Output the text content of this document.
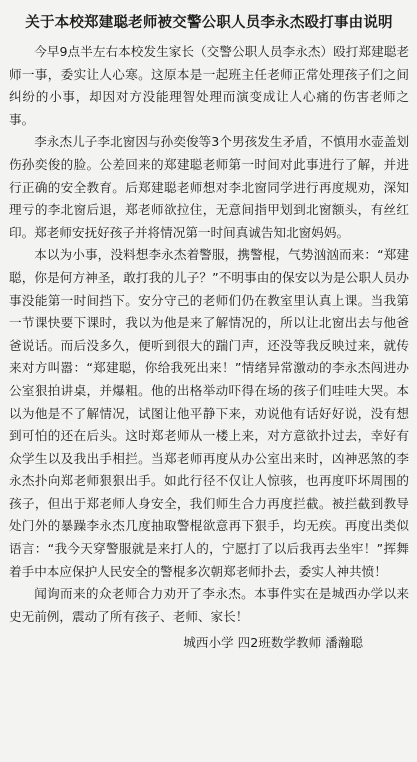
关于本校郑建聪老师被交警公职人员李永杰殴打事由说明

今早9点半左右本校发生家长（交警公职人员李永杰）殴打郑建聪老师一事，委实让人心寒。这原本是一起班主任老师正常处理孩子们之间纠纷的小事，却因对方没能理智处理而演变成让人心痛的伤害老师之事。

李永杰儿子李北窗因与孙奕俊等3个男孩发生矛盾，不慎用水壶盖划伤孙奕俊的脸。公差回来的郑建聪老师第一时间对此事进行了解，并进行正确的安全教育。后郑建聪老师想对李北窗同学进行再度规劝，深知理亏的李北窗后退，郑老师欲拉住，无意间指甲划到北窗额头，有丝红印。郑老师安抚好孩子并将情况第一时间真诚告知北窗妈妈。

本以为小事，没料想李永杰着警服，携警棍，气势汹汹而来：“郑建聪，你是何方神圣，敢打我的儿子？”不明事由的保安以为是公职人员办事没能第一时间挡下。安分守己的老师们仍在教室里认真上课。当我第一节课快要下课时，我以为他是来了解情况的，所以让北窗出去与他爸爸说话。而后没多久，便听到很大的踹门声，还没等我反映过来，就传来对方叫嚣：“郑建聪，你给我死出来！”情绪异常激动的李永杰闯进办公室狠拍讲桌，并爆粗。他的出格举动吓得在场的孩子们哇哇大哭。本以为他是不了解情况，试图让他平静下来，劝说他有话好好说，没有想到可怕的还在后头。这时郑老师从一楼上来，对方意欲扑过去，幸好有众学生以及我出手相拦。当郑老师再度从办公室出来时，凶神恶煞的李永杰扑向郑老师狠狠出手。如此行径不仅让人惊骇，也再度吓坏周围的孩子，但出于郑老师人身安全，我们师生合力再度拦截。被拦截到教导处门外的暴躁李永杰几度抽取警棍欲意再下狠手，均无疾。再度出类似语言：“我今天穿警服就是来打人的，宁愿打了以后我再去坐牢！”挥舞着手中本应保护人民安全的警棍多次朝郑老师扑去，委实人神共愤！

闻询而来的众老师合力劝开了李永杰。本事件实在是城西办学以来史无前例，震动了所有孩子、老师、家长！

城西小学 四2班数学教师 潘瀚聪
